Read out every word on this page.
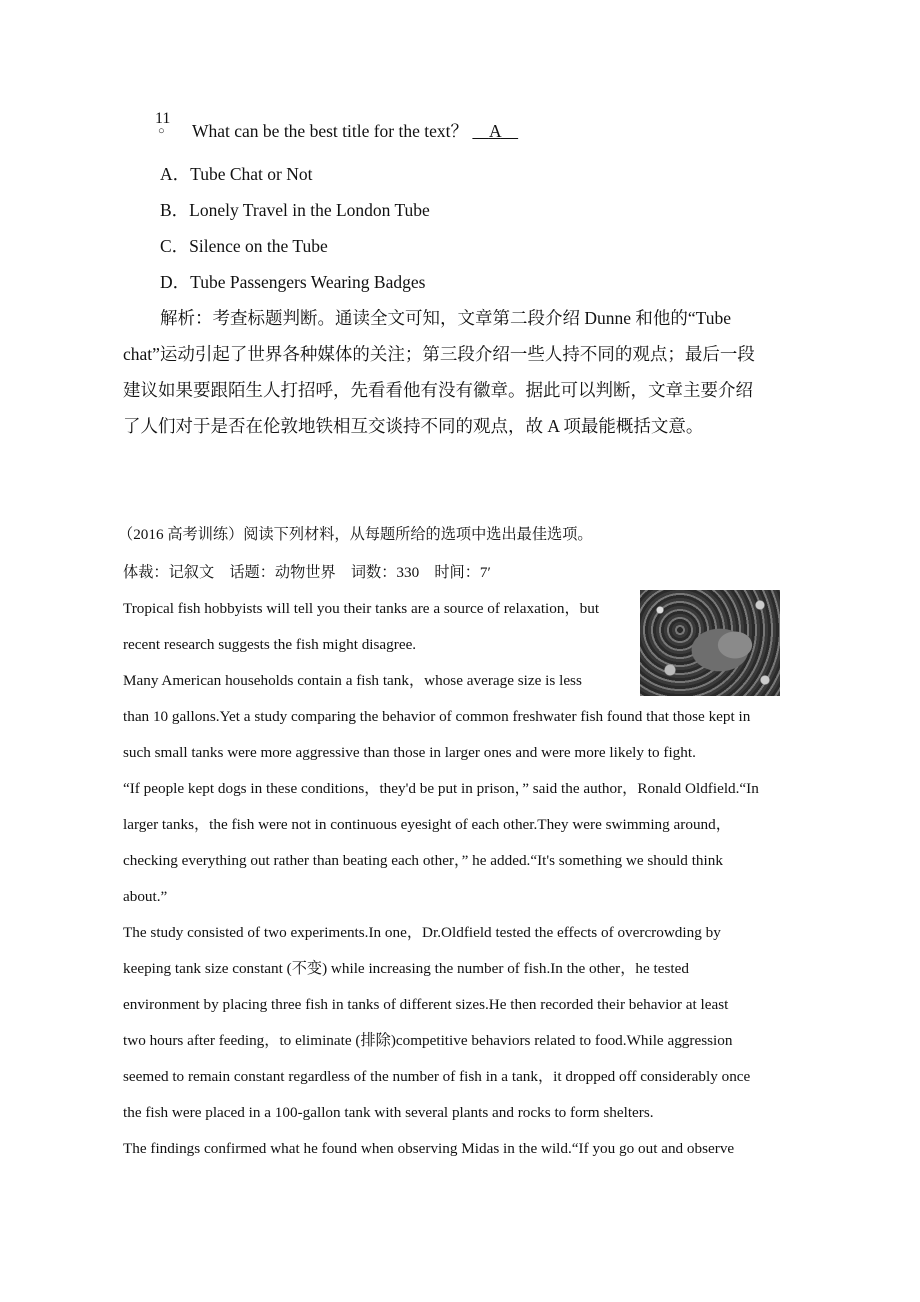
11
○	What can be the best title for the text？ A
A．Tube Chat or Not
B．Lonely Travel in the London Tube
C．Silence on the Tube
D．Tube Passengers Wearing Badges
解析：考查标题判断。通读全文可知，文章第二段介绍 Dunne 和他的“Tube
chat”运动引起了世界各种媒体的关注；第三段介绍一些人持不同的观点；最后一段
建议如果要跟陌生人打招呼，先看看他有没有徽章。据此可以判断，文章主要介绍
了人们对于是否在伦敦地铁相互交谈持不同的观点，故 A 项最能概括文意。
（2016 高考训练）阅读下列材料，从每题所给的选项中选出最佳选项。
体裁：记叙文　话题：动物世界　词数：330　时间：7′
Tropical fish hobbyists will tell you their tanks are a source of relaxation，but
recent research suggests the fish might disagree.
Many American households contain a fish tank，whose average size is less
than 10 gallons.Yet a study comparing the behavior of common freshwater fish found that those kept in
such small tanks were more aggressive than those in larger ones and were more likely to fight.
“If people kept dogs in these conditions，they'd be put in prison，” said the author，Ronald Oldfield.“In
larger tanks，the fish were not in continuous eyesight of each other.They were swimming around，
checking everything out rather than beating each other，” he added.“It's something we should think
about.”
The study consisted of two experiments.In one，Dr.Oldfield tested the effects of overcrowding by
keeping tank size constant (不变) while increasing the number of fish.In the other，he tested
environment by placing three fish in tanks of different sizes.He then recorded their behavior at least
two hours after feeding，to eliminate (排除)competitive behaviors related to food.While aggression
seemed to remain constant regardless of the number of fish in a tank，it dropped off considerably once
the fish were placed in a 100-gallon tank with several plants and rocks to form shelters.
The findings confirmed what he found when observing Midas in the wild.“If you go out and observe
